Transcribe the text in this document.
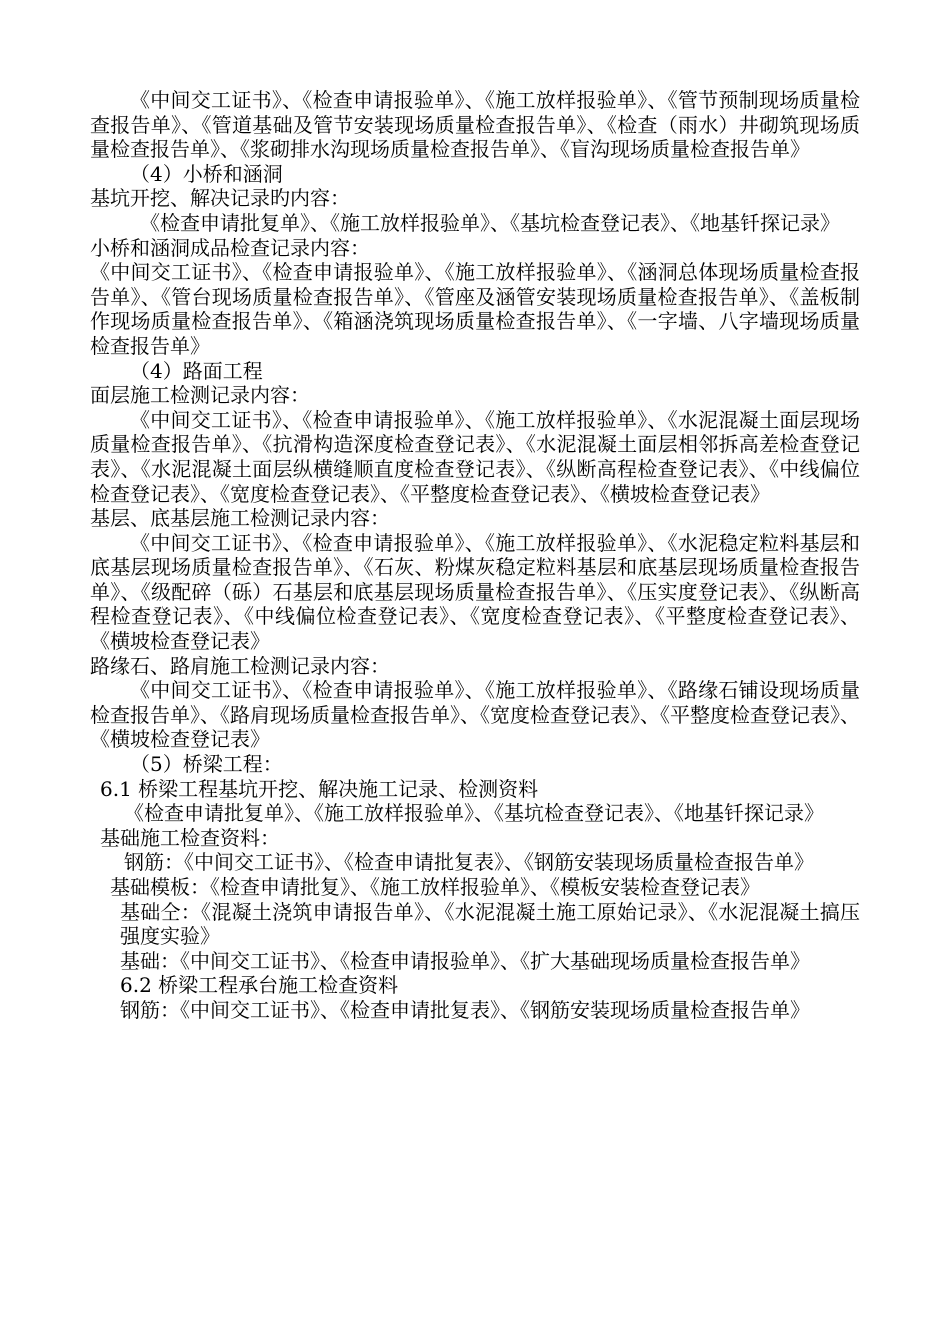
《中间交工证书》、《检查申请报验单》、《施工放样报验单》、《管节预制现场质量检查报告单》、《管道基础及管节安装现场质量检查报告单》、《检查（雨水）井砌筑现场质量检查报告单》、《浆砌排水沟现场质量检查报告单》、《盲沟现场质量检查报告单》

（4）小桥和涵洞

基坑开挖、解决记录旳内容：

《检查申请批复单》、《施工放样报验单》、《基坑检查登记表》、《地基钎探记录》

小桥和涵洞成品检查记录内容：

《中间交工证书》、《检查申请报验单》、《施工放样报验单》、《涵洞总体现场质量检查报告单》、《管台现场质量检查报告单》、《管座及涵管安装现场质量检查报告单》、《盖板制作现场质量检查报告单》、《箱涵浇筑现场质量检查报告单》、《一字墙、八字墙现场质量检查报告单》

（4）路面工程

面层施工检测记录内容：

《中间交工证书》、《检查申请报验单》、《施工放样报验单》、《水泥混凝土面层现场质量检查报告单》、《抗滑构造深度检查登记表》、《水泥混凝土面层相邻拆高差检查登记表》、《水泥混凝土面层纵横缝顺直度检查登记表》、《纵断高程检查登记表》、《中线偏位检查登记表》、《宽度检查登记表》、《平整度检查登记表》、《横坡检查登记表》

基层、底基层施工检测记录内容：

《中间交工证书》、《检查申请报验单》、《施工放样报验单》、《水泥稳定粒料基层和底基层现场质量检查报告单》、《石灰、粉煤灰稳定粒料基层和底基层现场质量检查报告单》、《级配碎（砾）石基层和底基层现场质量检查报告单》、《压实度登记表》、《纵断高程检查登记表》、《中线偏位检查登记表》、《宽度检查登记表》、《平整度检查登记表》、《横坡检查登记表》

路缘石、路肩施工检测记录内容：

《中间交工证书》、《检查申请报验单》、《施工放样报验单》、《路缘石铺设现场质量检查报告单》、《路肩现场质量检查报告单》、《宽度检查登记表》、《平整度检查登记表》、《横坡检查登记表》

（5）桥梁工程：

6.1 桥梁工程基坑开挖、解决施工记录、检测资料

《检查申请批复单》、《施工放样报验单》、《基坑检查登记表》、《地基钎探记录》

基础施工检查资料：

钢筋：《中间交工证书》、《检查申请批复表》、《钢筋安装现场质量检查报告单》

基础模板：《检查申请批复》、《施工放样报验单》、《模板安装检查登记表》

基础仝：《混凝土浇筑申请报告单》、《水泥混凝土施工原始记录》、《水泥混凝土搞压强度实验》

基础：《中间交工证书》、《检查申请报验单》、《扩大基础现场质量检查报告单》

6.2 桥梁工程承台施工检查资料

钢筋：《中间交工证书》、《检查申请批复表》、《钢筋安装现场质量检查报告单》
